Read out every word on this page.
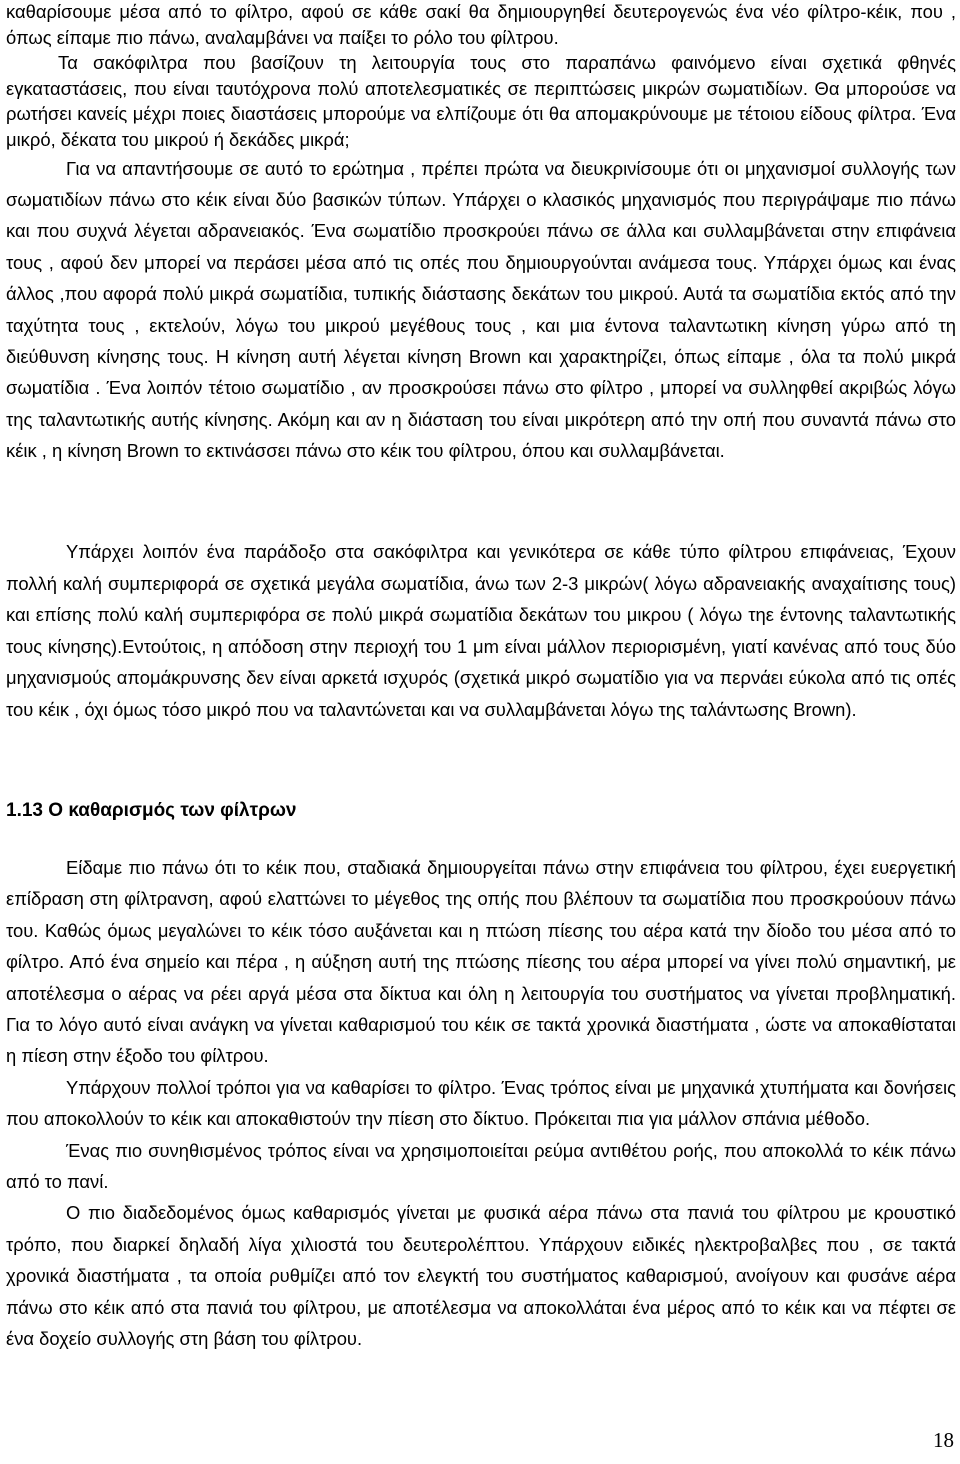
καθαρίσουμε μέσα από το φίλτρο, αφού σε κάθε σακί θα δημιουργηθεί δευτερογενώς ένα νέο φίλτρο-κέικ, που , όπως είπαμε πιο πάνω, αναλαμβάνει να παίξει το ρόλο του φίλτρου.

Τα σακόφιλτρα που βασίζουν τη λειτουργία τους στο παραπάνω φαινόμενο είναι σχετικά φθηνές εγκαταστάσεις, που είναι ταυτόχρονα πολύ αποτελεσματικές σε περιπτώσεις μικρών σωματιδίων. Θα μπορούσε να ρωτήσει κανείς μέχρι ποιες διαστάσεις μπορούμε να ελπίζουμε ότι θα απομακρύνουμε με τέτοιου είδους φίλτρα. Ένα μικρό, δέκατα του μικρού ή δεκάδες μικρά;

Για να απαντήσουμε σε αυτό το ερώτημα , πρέπει πρώτα να διευκρινίσουμε ότι οι μηχανισμοί συλλογής των σωματιδίων πάνω στο κέικ είναι δύο βασικών τύπων. Υπάρχει ο κλασικός μηχανισμός που περιγράψαμε πιο πάνω και που συχνά λέγεται αδρανειακός. Ένα σωματίδιο προσκρούει πάνω σε άλλα και συλλαμβάνεται στην επιφάνεια τους , αφού δεν μπορεί να περάσει μέσα από τις οπές που δημιουργούνται ανάμεσα τους. Υπάρχει όμως και ένας άλλος ,που αφορά πολύ μικρά σωματίδια, τυπικής διάστασης δεκάτων του μικρού. Αυτά τα σωματίδια εκτός από την ταχύτητα τους , εκτελούν, λόγω του μικρού μεγέθους τους , και μια έντονα ταλαντωτικη κίνηση γύρω από τη διεύθυνση κίνησης τους. Η κίνηση αυτή λέγεται κίνηση Brown και χαρακτηρίζει, όπως είπαμε , όλα τα πολύ μικρά σωματίδια . Ένα λοιπόν τέτοιο σωματίδιο , αν προσκρούσει πάνω στο φίλτρο , μπορεί να συλληφθεί ακριβώς λόγω της ταλαντωτικής αυτής κίνησης. Ακόμη και αν η διάσταση του είναι μικρότερη από την οπή που συναντά πάνω στο κέικ , η κίνηση Brown το εκτινάσσει πάνω στο κέικ του φίλτρου, όπου και συλλαμβάνεται.

Υπάρχει λοιπόν ένα παράδοξο στα σακόφιλτρα και γενικότερα σε κάθε τύπο φίλτρου επιφάνειας, Έχουν πολλή καλή συμπεριφορά σε σχετικά μεγάλα σωματίδια, άνω των 2-3 μικρών( λόγω αδρανειακής αναχαίτισης τους) και επίσης πολύ καλή συμπεριφόρα σε πολύ μικρά σωματίδια δεκάτων του μικρου ( λόγω τηε έντονης ταλαντωτικής τους κίνησης).Εντούτοις, η απόδοση στην περιοχή του 1 μm είναι μάλλον περιορισμένη, γιατί κανένας από τους δύο μηχανισμούς απομάκρυνσης δεν είναι αρκετά ισχυρός (σχετικά μικρό σωματίδιο για να περνάει εύκολα από τις οπές του κέικ , όχι όμως τόσο μικρό που να ταλαντώνεται και να συλλαμβάνεται λόγω της ταλάντωσης Brown).

1.13 Ο καθαρισμός των φίλτρων

Είδαμε πιο πάνω ότι το κέικ που, σταδιακά δημιουργείται πάνω στην επιφάνεια του φίλτρου, έχει ευεργετική επίδραση στη φίλτρανση, αφού ελαττώνει το μέγεθος της οπής που βλέπουν τα σωματίδια που προσκρούουν πάνω του. Καθώς όμως μεγαλώνει το κέικ τόσο αυξάνεται και η πτώση πίεσης του αέρα κατά την δίοδο του μέσα από το φίλτρο. Από ένα σημείο και πέρα , η αύξηση αυτή της πτώσης πίεσης του αέρα μπορεί να γίνει πολύ σημαντική, με αποτέλεσμα ο αέρας να ρέει αργά μέσα στα δίκτυα και όλη η λειτουργία του συστήματος να γίνεται προβληματική. Για το λόγο αυτό είναι ανάγκη να γίνεται καθαρισμού του κέικ σε τακτά χρονικά διαστήματα , ώστε να αποκαθίσταται η πίεση στην έξοδο του φίλτρου.

Υπάρχουν πολλοί τρόποι για να καθαρίσει το φίλτρο. Ένας τρόπος είναι με μηχανικά χτυπήματα και δονήσεις που αποκολλούν το κέικ και αποκαθιστούν την πίεση στο δίκτυο. Πρόκειται πια για μάλλον σπάνια μέθοδο.

Ένας πιο συνηθισμένος τρόπος είναι να χρησιμοποιείται ρεύμα αντιθέτου ροής, που αποκολλά το κέικ πάνω από το πανί.

Ο πιο διαδεδομένος όμως καθαρισμός γίνεται με φυσικά αέρα πάνω στα πανιά του φίλτρου με κρουστικό τρόπο, που διαρκεί δηλαδή λίγα χιλιοστά του δευτερολέπτου. Υπάρχουν ειδικές ηλεκτροβαλβες που , σε τακτά χρονικά διαστήματα , τα οποία ρυθμίζει από τον ελεγκτή του συστήματος καθαρισμού, ανοίγουν και φυσάνε αέρα πάνω στο κέικ από στα πανιά του φίλτρου, με αποτέλεσμα να αποκολλάται ένα μέρος από το κέικ και να πέφτει σε ένα δοχείο συλλογής στη βάση του φίλτρου.

18
